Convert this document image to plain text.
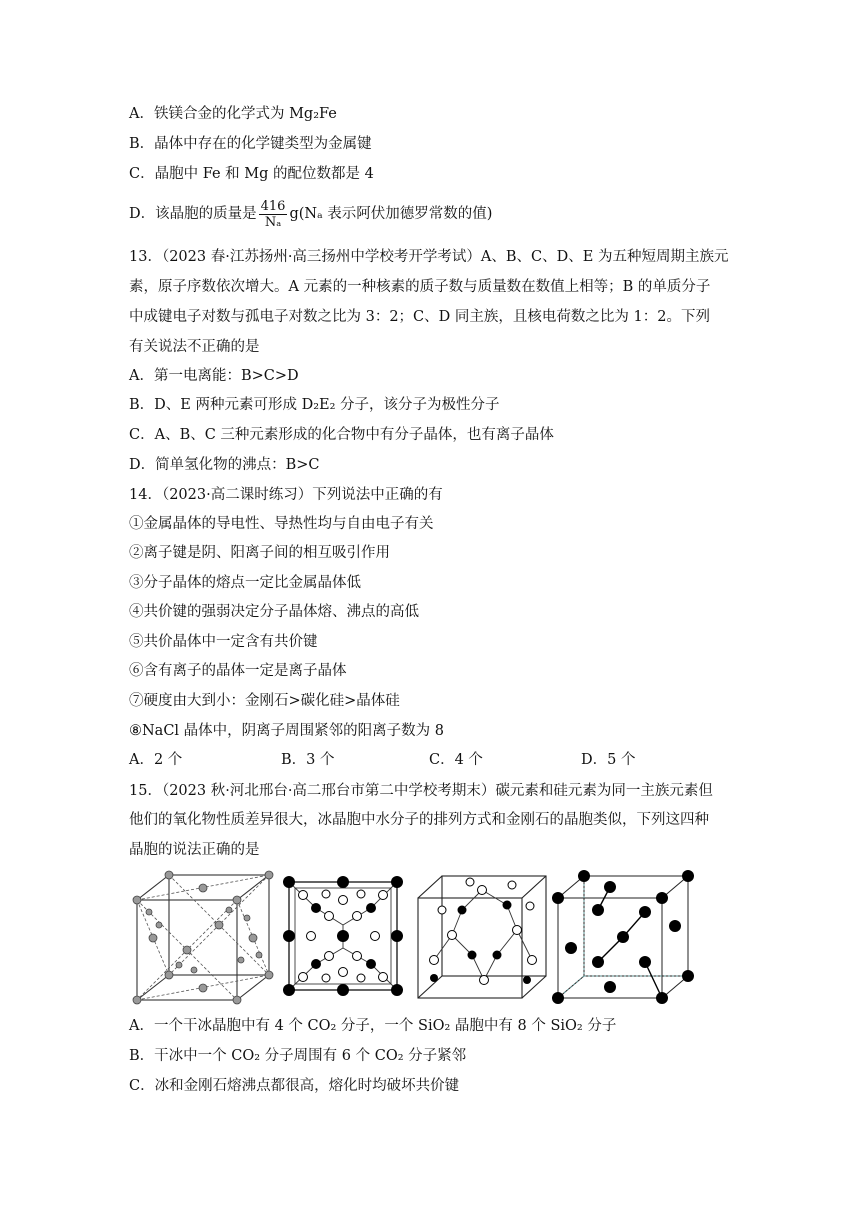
A．铁镁合金的化学式为 Mg₂Fe
B．晶体中存在的化学键类型为金属键
C．晶胞中 Fe 和 Mg 的配位数都是 4
D．该晶胞的质量是 $\frac{416}{\text{Nₐ}} g(N_a$ 表示阿伏加德罗常数的值)
13．（2023 春·江苏扬州·高三扬州中学校考开学考试）A、B、C、D、E 为五种短周期主族元
素，原子序数依次增大。A 元素的一种核素的质子数与质量数在数值上相等；B 的单质分子
中成键电子对数与孤电子对数之比为 3：2；C、D 同主族，且核电荷数之比为 1：2。下列
有关说法不正确的是
A．第一电离能：B>C>D
B．D、E 两种元素可形成 D₂E₂ 分子，该分子为极性分子
C．A、B、C 三种元素形成的化合物中有分子晶体，也有离子晶体
D．简单氢化物的沸点：B>C
14．（2023·高二课时练习）下列说法中正确的有
①金属晶体的导电性、导热性均与自由电子有关
②离子键是阴、阳离子间的相互吸引作用
③分子晶体的熔点一定比金属晶体低
④共价键的强弱决定分子晶体熔、沸点的高低
⑤共价晶体中一定含有共价键
⑥含有离子的晶体一定是离子晶体
⑦硬度由大到小：金刚石>碳化硅>晶体硅
⑧NaCl 晶体中，阴离子周围紧邻的阳离子数为 8
A．2 个	B．3 个	C．4 个	D．5 个
15．（2023 秋·河北邢台·高二邢台市第二中学校考期末）碳元素和硅元素为同一主族元素但
他们的氧化物性质差异很大，冰晶胞中水分子的排列方式和金刚石的晶胞类似，下列这四种
晶胞的说法正确的是
A．一个干冰晶胞中有 4 个 CO₂ 分子，一个 SiO₂ 晶胞中有 8 个 SiO₂ 分子
B．干冰中一个 CO₂ 分子周围有 6 个 CO₂ 分子紧邻
C．冰和金刚石熔沸点都很高，熔化时均破坏共价键
